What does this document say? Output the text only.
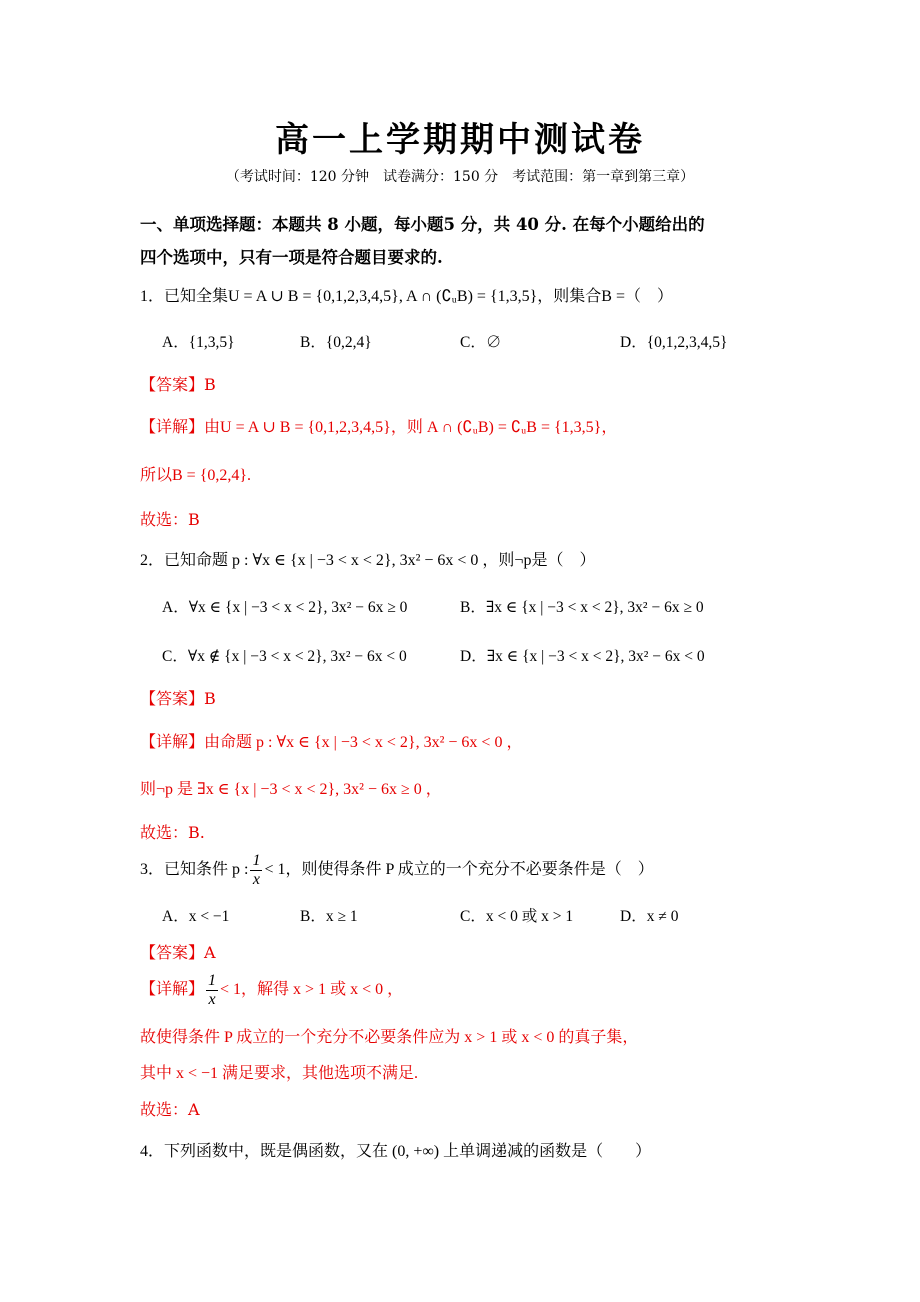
高一上学期期中测试卷
（考试时间：120 分钟　试卷满分：150 分　考试范围：第一章到第三章）
一、单项选择题：本题共 8 小题，每小题5 分，共 40 分. 在每个小题给出的
四个选项中，只有一项是符合题目要求的.
1．已知全集U = A ∪ B = {0,1,2,3,4,5}, A ∩ (∁ᵤB) = {1,3,5}，则集合B =（　）
A．{1,3,5}	B．{0,2,4}	C．∅	D．{0,1,2,3,4,5}
【答案】B
【详解】由U = A ∪ B = {0,1,2,3,4,5}，则 A ∩ (∁ᵤB) = ∁ᵤB = {1,3,5}，
所以B = {0,2,4}.
故选：B
2．已知命题 p : ∀x ∈ {x | −3 < x < 2}, 3x² − 6x < 0 ，则¬p是（　）
A．∀x ∈ {x | −3 < x < 2}, 3x² − 6x ≥ 0	B．∃x ∈ {x | −3 < x < 2}, 3x² − 6x ≥ 0
C．∀x ∉ {x | −3 < x < 2}, 3x² − 6x < 0	D．∃x ∈ {x | −3 < x < 2}, 3x² − 6x < 0
【答案】B
【详解】由命题 p : ∀x ∈ {x | −3 < x < 2}, 3x² − 6x < 0 ，
则¬p 是 ∃x ∈ {x | −3 < x < 2}, 3x² − 6x ≥ 0 ，
故选：B.
3．已知条件 p : $\frac{1}{x} < 1$，则使得条件 P 成立的一个充分不必要条件是（　）
A．x < −1	B．x ≥ 1	C．x < 0 或 x > 1	D．x ≠ 0
【答案】A
【详解】 $\frac{1}{x} < 1$，解得 x > 1 或 x < 0 ，
故使得条件 P 成立的一个充分不必要条件应为 x > 1 或 x < 0 的真子集，
其中 x < −1 满足要求，其他选项不满足.
故选：A
4．下列函数中，既是偶函数，又在 (0, +∞) 上单调递减的函数是（　　）
